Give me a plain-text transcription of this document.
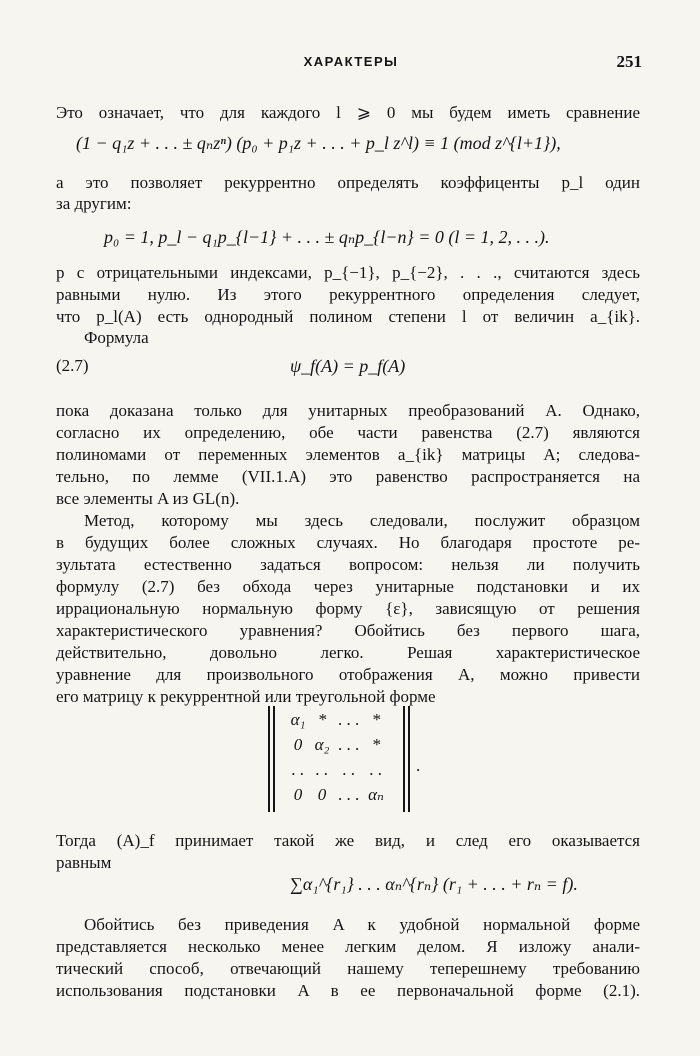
ХАРАКТЕРЫ	251
Это означает, что для каждого l ⩾ 0 мы будем иметь сравнение
(1 − q₁z + . . . ± qₙzⁿ) (p₀ + p₁z + . . . + p_l z^l) ≡ 1 (mod z^{l+1}),
а это позволяет рекуррентно определять коэффиценты p_l один
за другим:
p₀ = 1, p_l − q₁p_{l−1} + . . . ± qₙp_{l−n} = 0 (l = 1, 2, . . .).
p с отрицательными индексами, p_{−1}, p_{−2}, . . ., считаются здесь
равными нулю. Из этого рекуррентного определения следует,
что p_l(A) есть однородный полином степени l от величин a_{ik}.
Формула
(2.7)	ψ_f(A) = p_f(A)
пока доказана только для унитарных преобразований A. Однако,
согласно их определению, обе части равенства (2.7) являются
полиномами от переменных элементов a_{ik} матрицы A; следова-
тельно, по лемме (VII.1.A) это равенство распространяется на
все элементы A из GL(n).
Метод, которому мы здесь следовали, послужит образцом
в будущих более сложных случаях. Но благодаря простоте ре-
зультата естественно задаться вопросом: нельзя ли получить
формулу (2.7) без обхода через унитарные подстановки и их
иррациональную нормальную форму {ε}, зависящую от решения
характеристического уравнения? Обойтись без первого шага,
действительно, довольно легко. Решая характеристическое
уравнение для произвольного отображения A, можно привести
его матрицу к рекуррентной или треугольной форме
α₁ * . . . *
0 α₂ . . . *
. . . . . . . .
0 0 . . . αₙ
.
Тогда (A)_f принимает такой же вид, и след его оказывается
равным
∑α₁^{r₁} . . . αₙ^{rₙ} (r₁ + . . . + rₙ = f).
Обойтись без приведения A к удобной нормальной форме
представляется несколько менее легким делом. Я изложу анали-
тический способ, отвечающий нашему теперешнему требованию
использования подстановки A в ее первоначальной форме (2.1).
